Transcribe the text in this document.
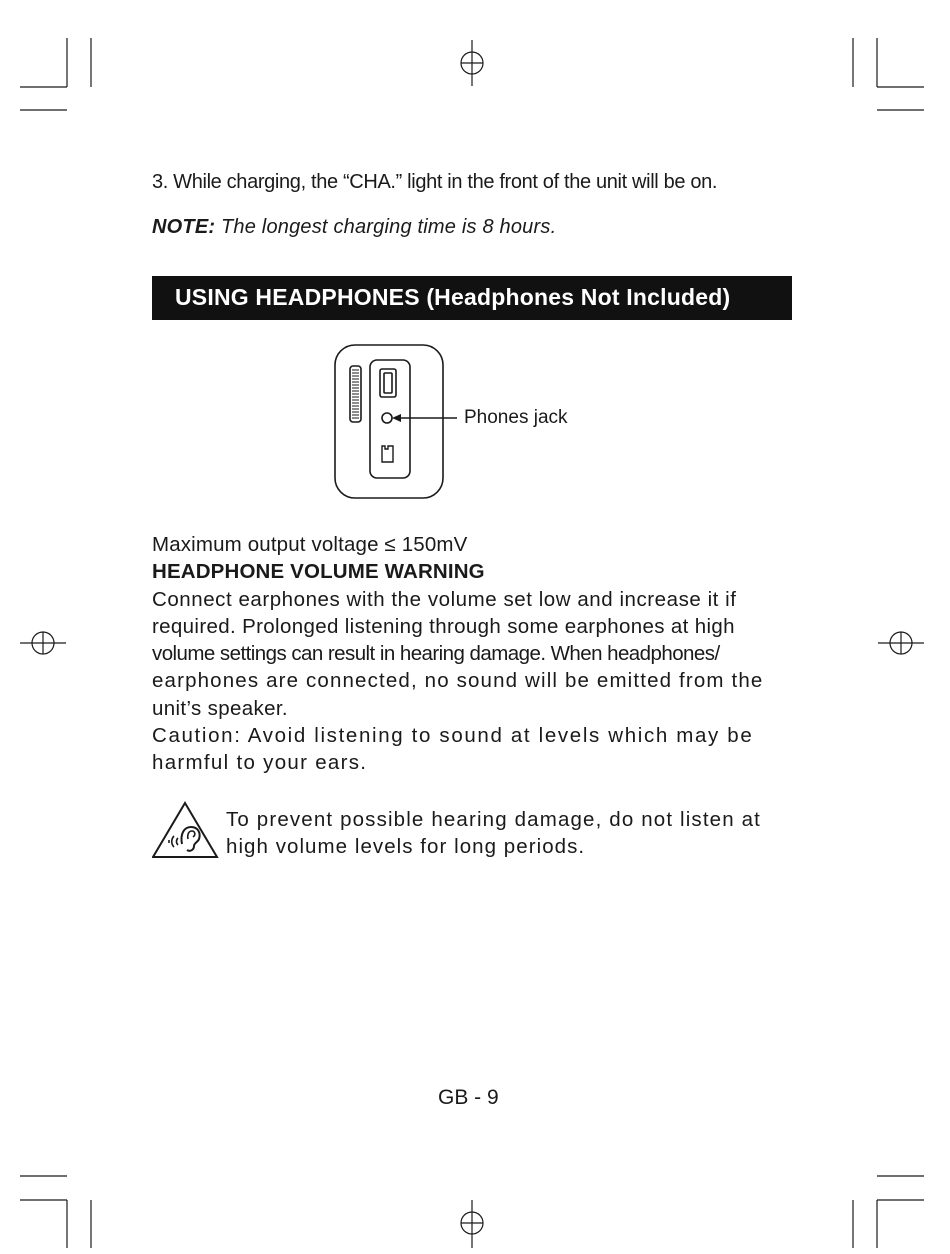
3. While charging, the “CHA.” light in the front of the unit will be on.
NOTE: The longest charging time is 8 hours.
USING HEADPHONES (Headphones Not Included)
Phones jack
Maximum output voltage ≤ 150mV
HEADPHONE VOLUME WARNING
Connect earphones with the volume set low and increase it if
required. Prolonged listening through some earphones at high
volume settings can result in hearing damage. When headphones/
earphones are connected, no sound will be emitted from the
unit’s speaker.
Caution: Avoid listening to sound at levels which may be
harmful to your ears.
To prevent possible hearing damage, do not listen at
high volume levels for long periods.
GB - 9
